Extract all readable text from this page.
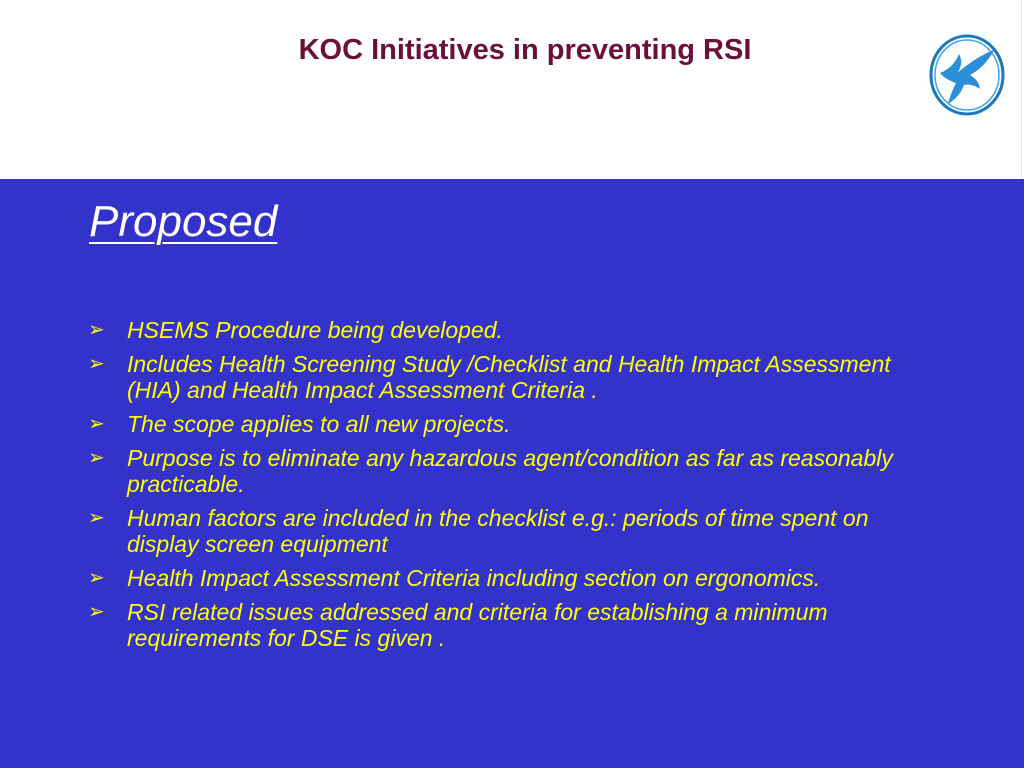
KOC Initiatives in preventing RSI
Proposed
➢ HSEMS Procedure being developed.
➢ Includes Health Screening Study /Checklist and Health Impact Assessment (HIA) and Health Impact Assessment Criteria .
➢ The scope applies to all new projects.
➢ Purpose is to eliminate any hazardous agent/condition as far as reasonably practicable.
➢ Human factors are included in the checklist e.g.: periods of time spent on display screen equipment
➢ Health Impact Assessment Criteria including section on ergonomics.
➢ RSI related issues addressed and criteria for establishing a minimum requirements for DSE is given .
